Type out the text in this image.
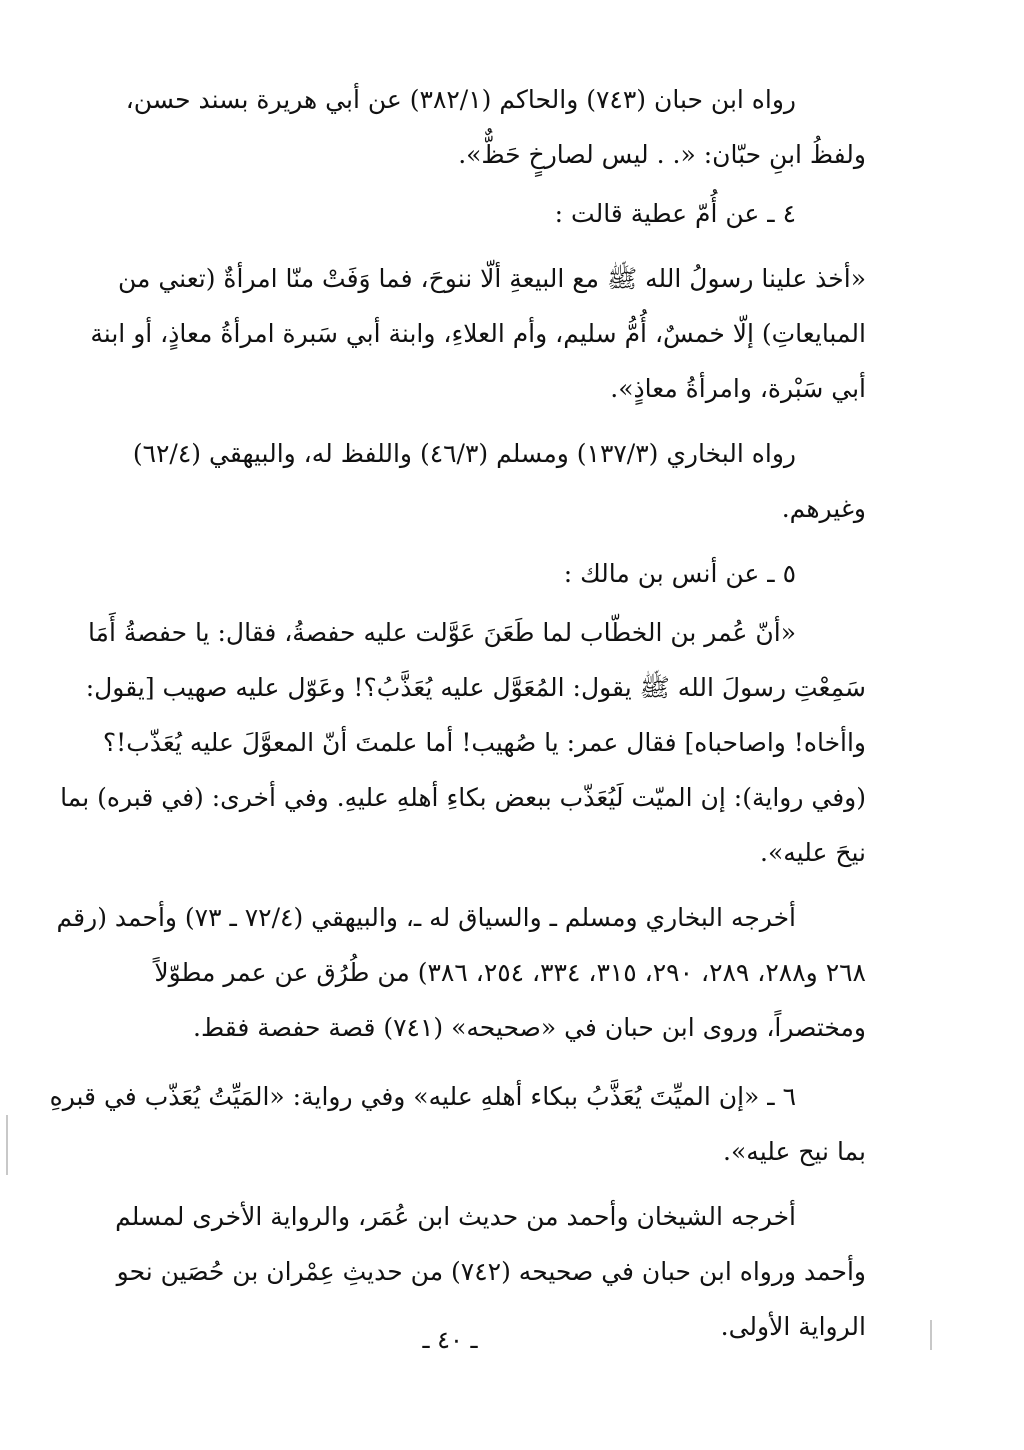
رواه ابن حبان (٧٤٣) والحاكم (٣٨٢/١) عن أبي هريرة بسند حسن،
ولفظُ ابنِ حبّان: «. . ليس لصارخٍ حَظٌّ».
٤ ـ عن أُمّ عطية قالت :
«أخذ علينا رسولُ الله ﷺ مع البيعةِ ألّا ننوحَ، فما وَفَتْ منّا امرأةٌ (تعني من
المبايعاتِ) إلّا خمسٌ، أُمُّ سليم، وأم العلاءِ، وابنة أبي سَبرة امرأةُ معاذٍ، أو ابنة
أبي سَبْرة، وامرأةُ معاذٍ».
رواه البخاري (١٣٧/٣) ومسلم (٤٦/٣) واللفظ له، والبيهقي (٦٢/٤)
وغيرهم.
٥ ـ عن أنس بن مالك :
«أنّ عُمر بن الخطّاب لما طَعَنَ عَوَّلت عليه حفصةُ، فقال: يا حفصةُ أَمَا
سَمِعْتِ رسولَ الله ﷺ يقول: المُعَوَّل عليه يُعَذَّبُ؟! وعَوّل عليه صهيب [يقول:
واأخاه! واصاحباه] فقال عمر: يا صُهيب! أما علمتَ أنّ المعوَّلَ عليه يُعَذّب!؟
(وفي رواية): إن الميّت لَيُعَذّب ببعض بكاءِ أهلهِ عليهِ. وفي أخرى: (في قبره) بما
نيحَ عليه».
أخرجه البخاري ومسلم ـ والسياق له ـ، والبيهقي (٧٢/٤ ـ ٧٣) وأحمد (رقم
٢٦٨ و٢٨٨، ٢٨٩، ٢٩٠، ٣١٥، ٣٣٤، ٢٥٤، ٣٨٦) من طُرُق عن عمر مطوّلاً
ومختصراً، وروى ابن حبان في «صحيحه» (٧٤١) قصة حفصة فقط.
٦ ـ «إن الميِّتَ يُعَذَّبُ ببكاء أهلهِ عليه» وفي رواية: «المَيِّتُ يُعَذّب في قبرهِ
بما نيح عليه».
أخرجه الشيخان وأحمد من حديث ابن عُمَر، والرواية الأخرى لمسلم
وأحمد ورواه ابن حبان في صحيحه (٧٤٢) من حديثِ عِمْران بن حُصَين نحو
الرواية الأولى.
ـ ٤٠ ـ
